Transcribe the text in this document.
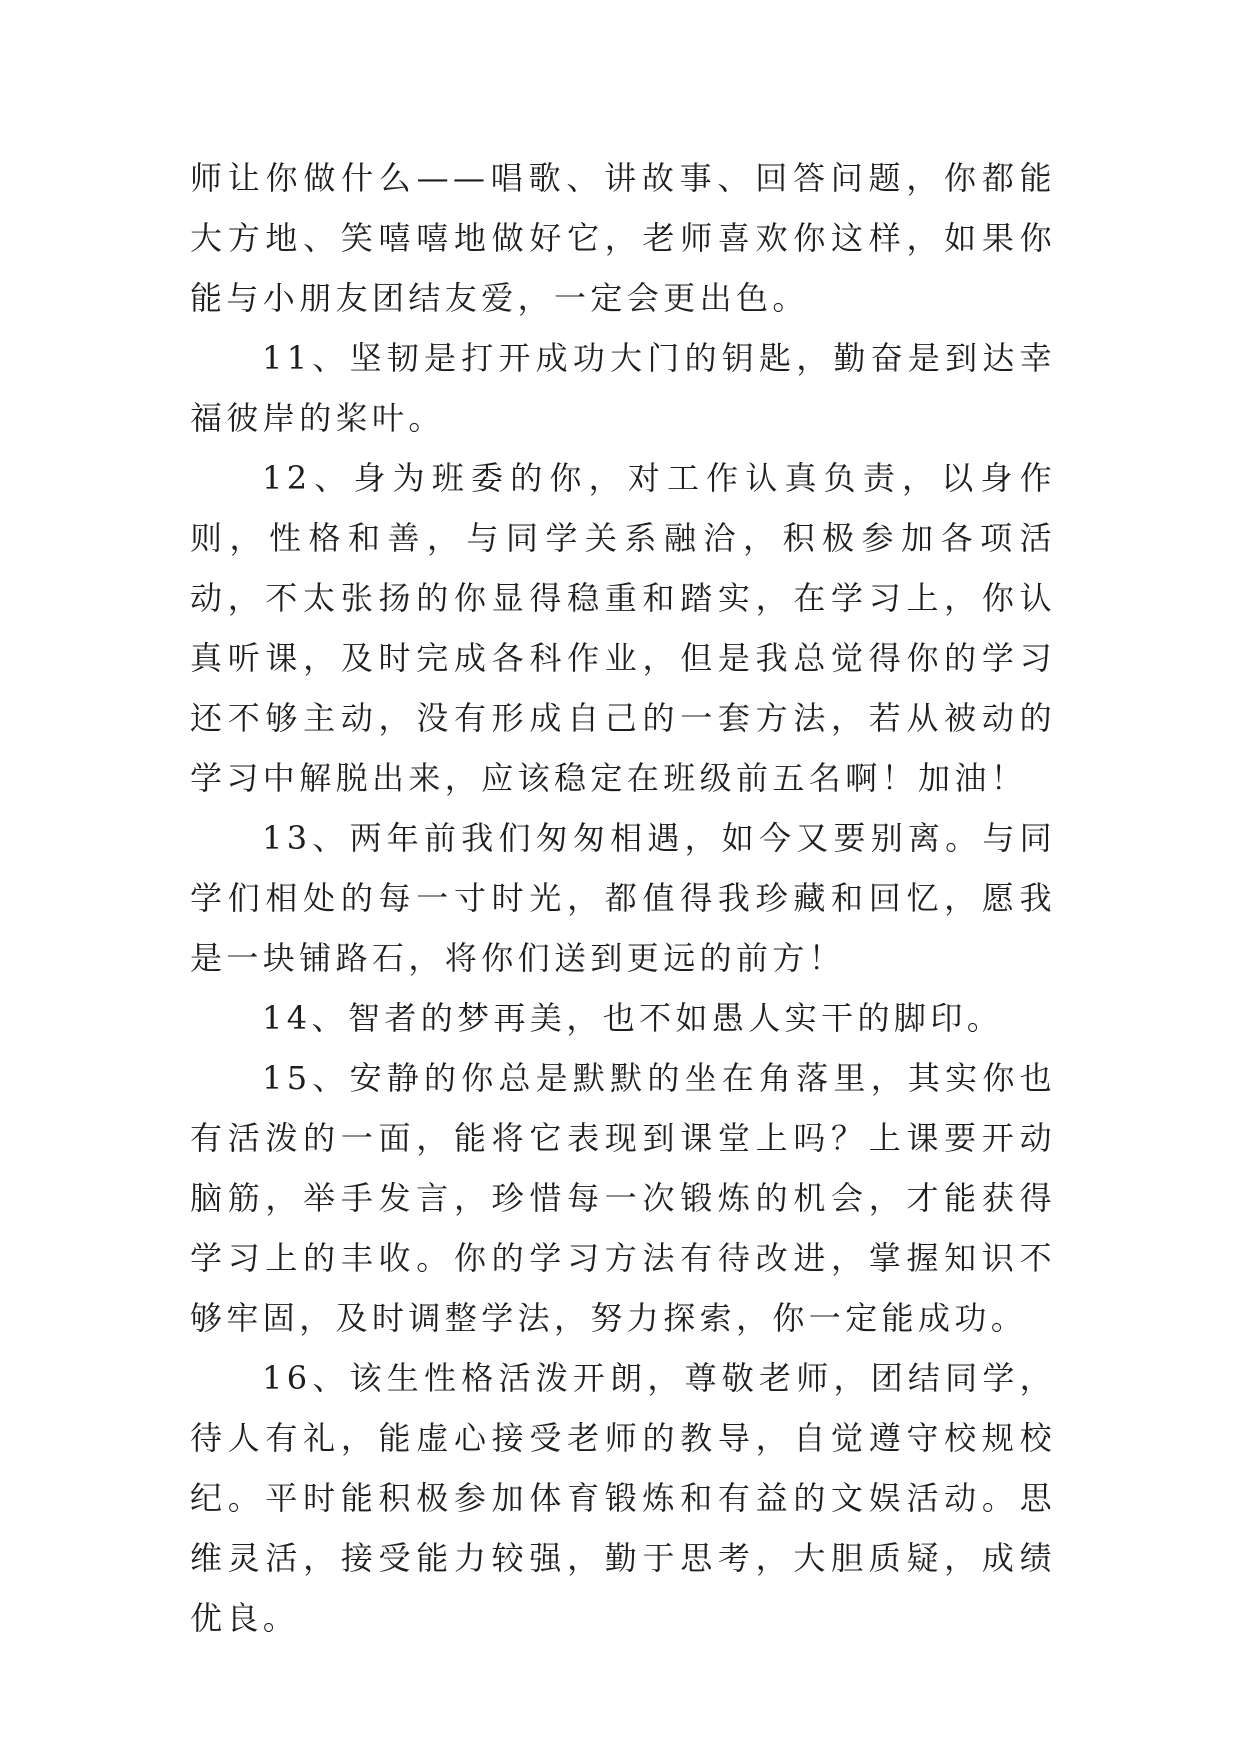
师让你做什么——唱歌、讲故事、回答问题，你都能大方地、笑嘻嘻地做好它，老师喜欢你这样，如果你能与小朋友团结友爱，一定会更出色。

11、坚韧是打开成功大门的钥匙，勤奋是到达幸福彼岸的桨叶。

12、身为班委的你，对工作认真负责，以身作则，性格和善，与同学关系融洽，积极参加各项活动，不太张扬的你显得稳重和踏实，在学习上，你认真听课，及时完成各科作业，但是我总觉得你的学习还不够主动，没有形成自己的一套方法，若从被动的学习中解脱出来，应该稳定在班级前五名啊！加油！

13、两年前我们匆匆相遇，如今又要别离。与同学们相处的每一寸时光，都值得我珍藏和回忆，愿我是一块铺路石，将你们送到更远的前方！

14、智者的梦再美，也不如愚人实干的脚印。

15、安静的你总是默默的坐在角落里，其实你也有活泼的一面，能将它表现到课堂上吗？上课要开动脑筋，举手发言，珍惜每一次锻炼的机会，才能获得学习上的丰收。你的学习方法有待改进，掌握知识不够牢固，及时调整学法，努力探索，你一定能成功。

16、该生性格活泼开朗，尊敬老师，团结同学，待人有礼，能虚心接受老师的教导，自觉遵守校规校纪。平时能积极参加体育锻炼和有益的文娱活动。思维灵活，接受能力较强，勤于思考，大胆质疑，成绩优良。
